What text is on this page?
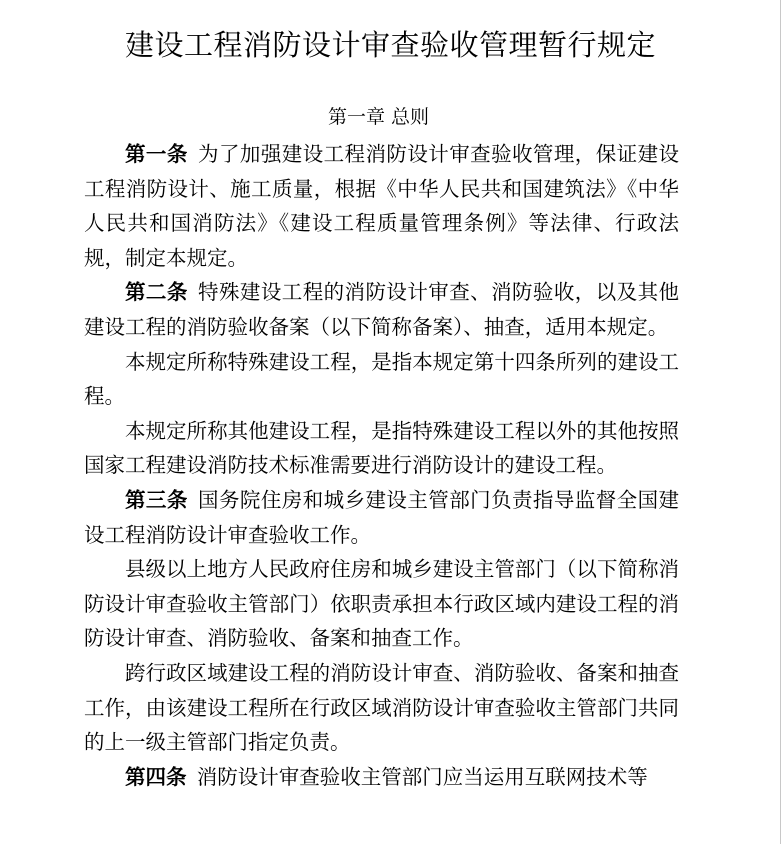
建设工程消防设计审查验收管理暂行规定
第一章 总则

第一条 为了加强建设工程消防设计审查验收管理，保证建设工程消防设计、施工质量，根据《中华人民共和国建筑法》《中华人民共和国消防法》《建设工程质量管理条例》等法律、行政法规，制定本规定。

第二条 特殊建设工程的消防设计审查、消防验收，以及其他建设工程的消防验收备案（以下简称备案）、抽查，适用本规定。

本规定所称特殊建设工程，是指本规定第十四条所列的建设工程。

本规定所称其他建设工程，是指特殊建设工程以外的其他按照国家工程建设消防技术标准需要进行消防设计的建设工程。

第三条 国务院住房和城乡建设主管部门负责指导监督全国建设工程消防设计审查验收工作。

县级以上地方人民政府住房和城乡建设主管部门（以下简称消防设计审查验收主管部门）依职责承担本行政区域内建设工程的消防设计审查、消防验收、备案和抽查工作。

跨行政区域建设工程的消防设计审查、消防验收、备案和抽查工作，由该建设工程所在行政区域消防设计审查验收主管部门共同的上一级主管部门指定负责。

第四条 消防设计审查验收主管部门应当运用互联网技术等
